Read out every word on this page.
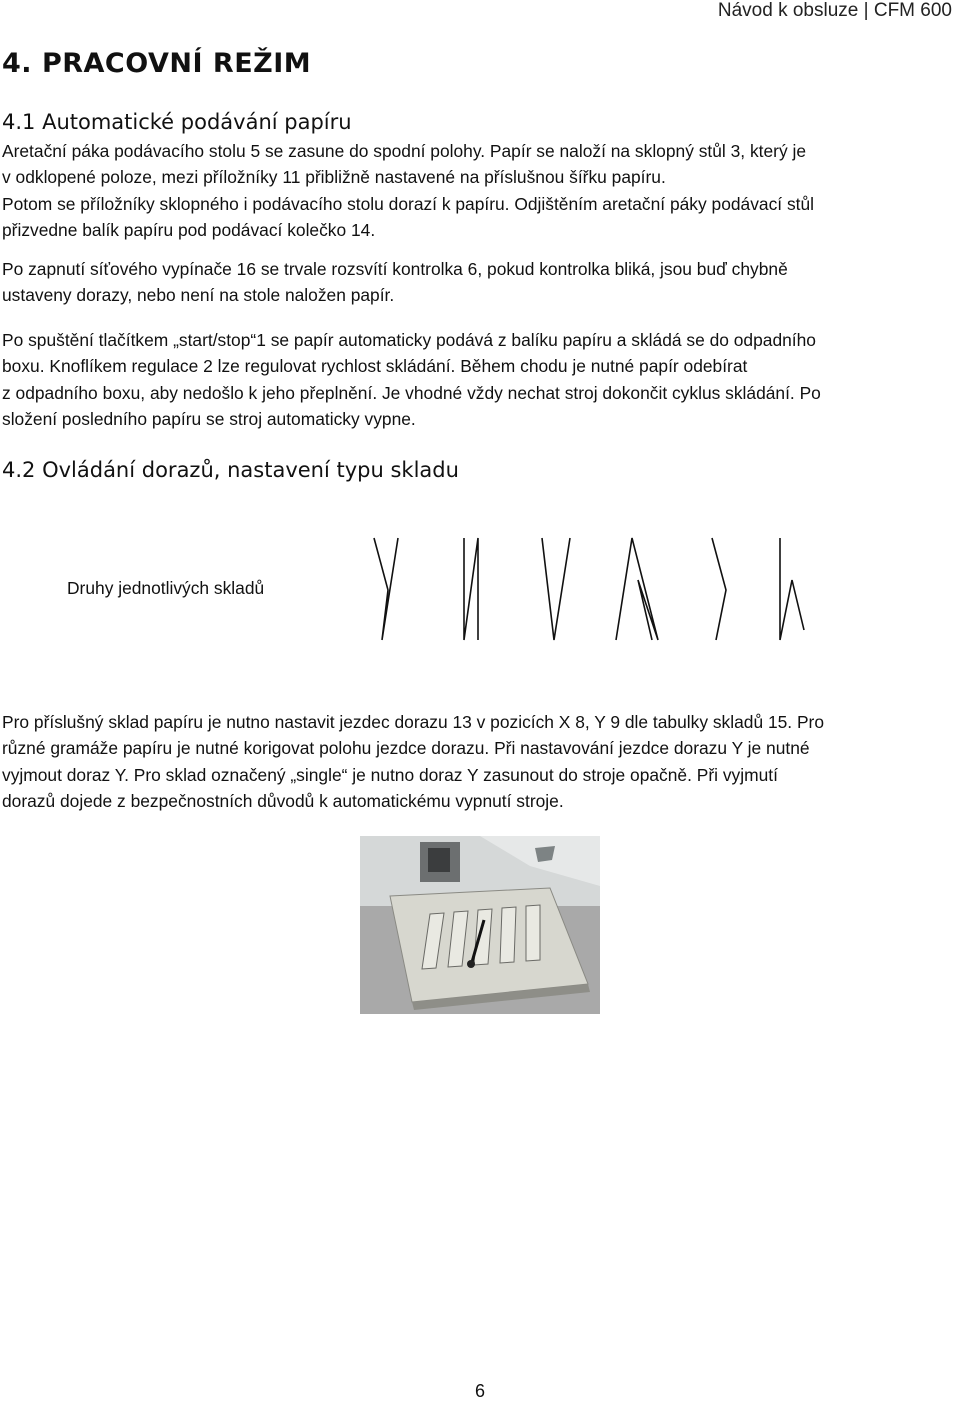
Návod k obsluze | CFM 600
4. PRACOVNÍ REŽIM
4.1 Automatické podávání papíru

Aretační páka podávacího stolu 5 se zasune do spodní polohy. Papír se naloží na sklopný stůl 3, který je
v odklopené poloze, mezi příložníky 11 přibližně nastavené na příslušnou šířku papíru.
Potom se příložníky sklopného i podávacího stolu dorazí k papíru. Odjištěním aretační páky podávací stůl
přizvedne balík papíru pod podávací kolečko 14.

Po zapnutí síťového vypínače 16 se trvale rozsvítí kontrolka 6, pokud kontrolka bliká, jsou buď chybně
ustaveny dorazy, nebo není na stole naložen papír.

Po spuštění tlačítkem „start/stop“1 se papír automaticky podává z balíku papíru a skládá se do odpadního
boxu. Knoflíkem regulace 2 lze regulovat rychlost skládání. Během chodu je nutné papír odebírat
z odpadního boxu, aby nedošlo k jeho přeplnění. Je vhodné vždy nechat stroj dokončit cyklus skládání. Po
složení posledního papíru se stroj automaticky vypne.

4.2 Ovládání dorazů, nastavení typu skladu
Druhy jednotlivých skladů

Pro příslušný sklad papíru je nutno nastavit jezdec dorazu 13 v pozicích X 8, Y 9 dle tabulky skladů 15. Pro
různé gramáže papíru je nutné korigovat polohu jezdce dorazu. Při nastavování jezdce dorazu Y je nutné
vyjmout doraz Y. Pro sklad označený „single“ je nutno doraz Y zasunout do stroje opačně. Při vyjmutí
dorazů dojede z bezpečnostních důvodů k automatickému vypnutí stroje.

6
